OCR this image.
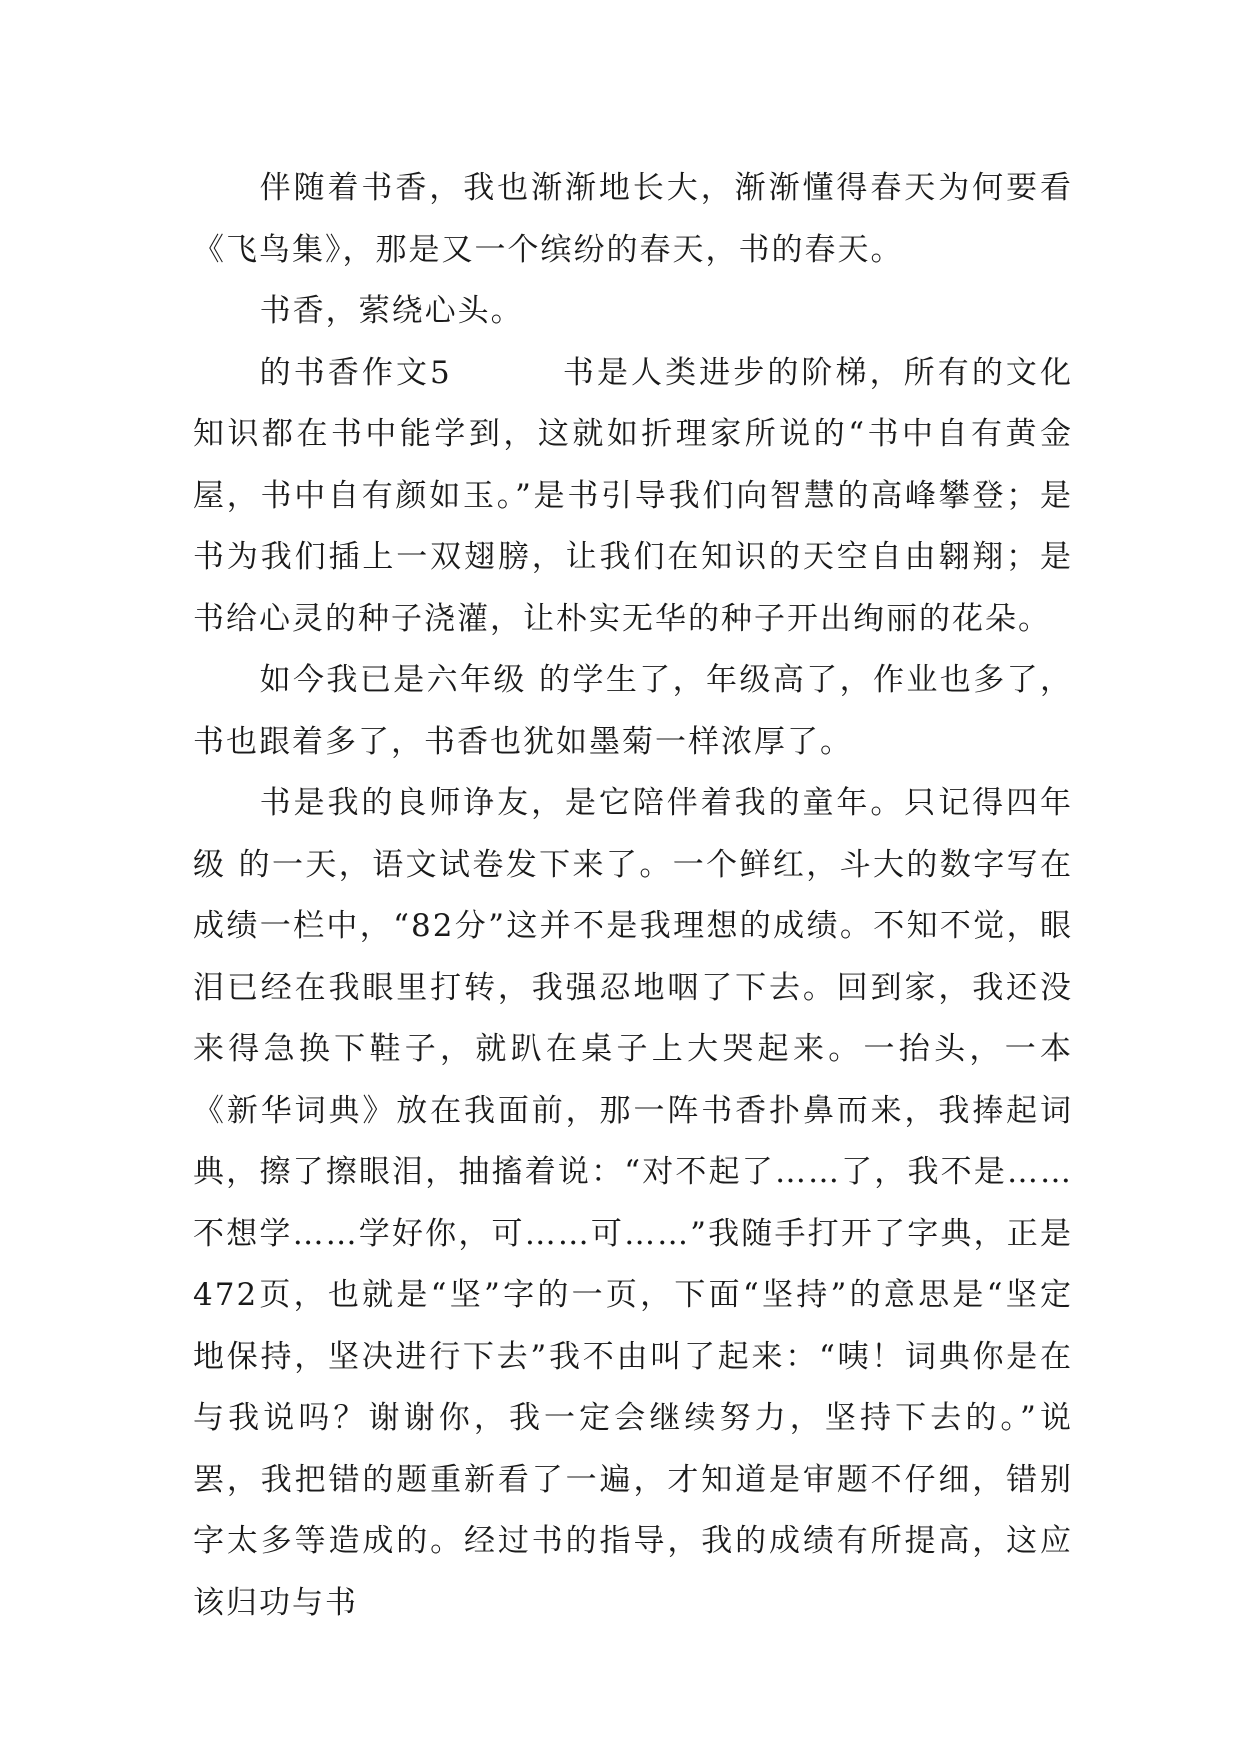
伴随着书香，我也渐渐地长大，渐渐懂得春天为何要看《飞鸟集》，那是又一个缤纷的春天，书的春天。

书香，萦绕心头。

的书香作文5	书是人类进步的阶梯，所有的文化知识都在书中能学到，这就如折理家所说的“书中自有黄金屋，书中自有颜如玉。”是书引导我们向智慧的高峰攀登；是书为我们插上一双翅膀，让我们在知识的天空自由翱翔；是书给心灵的种子浇灌，让朴实无华的种子开出绚丽的花朵。

如今我已是六年级 的学生了，年级高了，作业也多了，书也跟着多了，书香也犹如墨菊一样浓厚了。

书是我的良师诤友，是它陪伴着我的童年。只记得四年级 的一天，语文试卷发下来了。一个鲜红，斗大的数字写在成绩一栏中，“82分”这并不是我理想的成绩。不知不觉，眼泪已经在我眼里打转，我强忍地咽了下去。回到家，我还没来得急换下鞋子，就趴在桌子上大哭起来。一抬头，一本《新华词典》放在我面前，那一阵书香扑鼻而来，我捧起词典，擦了擦眼泪，抽搐着说：“对不起了……了，我不是……不想学……学好你，可……可……”我随手打开了字典，正是472页，也就是“坚”字的一页，下面“坚持”的意思是“坚定地保持，坚决进行下去”我不由叫了起来：“咦！词典你是在与我说吗？谢谢你，我一定会继续努力，坚持下去的。”说罢，我把错的题重新看了一遍，才知道是审题不仔细，错别字太多等造成的。经过书的指导，我的成绩有所提高，这应该归功与书
